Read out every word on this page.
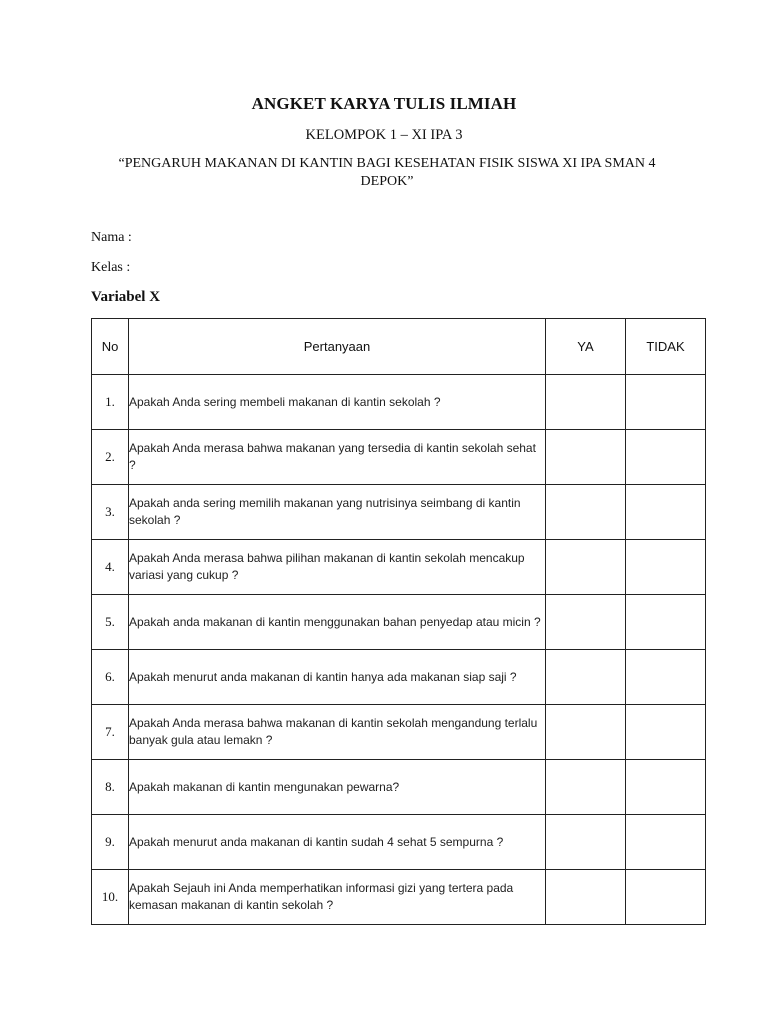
ANGKET KARYA TULIS ILMIAH
KELOMPOK 1 – XI IPA 3
“PENGARUH MAKANAN DI KANTIN BAGI KESEHATAN FISIK SISWA XI IPA SMAN 4 DEPOK”
Nama :
Kelas :
Variabel X
No	Pertanyaan	YA	TIDAK
1.	Apakah Anda sering membeli makanan di kantin sekolah ?		
2.	Apakah Anda merasa bahwa makanan yang tersedia di kantin sekolah sehat ?		
3.	Apakah anda sering memilih makanan yang nutrisinya seimbang di kantin sekolah ?		
4.	Apakah Anda merasa bahwa pilihan makanan di kantin sekolah mencakup variasi yang cukup ?		
5.	Apakah anda makanan di kantin menggunakan bahan penyedap atau micin ?		
6.	Apakah menurut anda makanan di kantin hanya ada makanan siap saji ?		
7.	Apakah Anda merasa bahwa makanan di kantin sekolah mengandung terlalu banyak gula atau lemakn ?		
8.	Apakah makanan di kantin mengunakan pewarna?		
9.	Apakah menurut anda makanan di kantin sudah 4 sehat 5 sempurna ?		
10.	Apakah Sejauh ini Anda memperhatikan informasi gizi yang tertera pada kemasan makanan di kantin sekolah ?		
